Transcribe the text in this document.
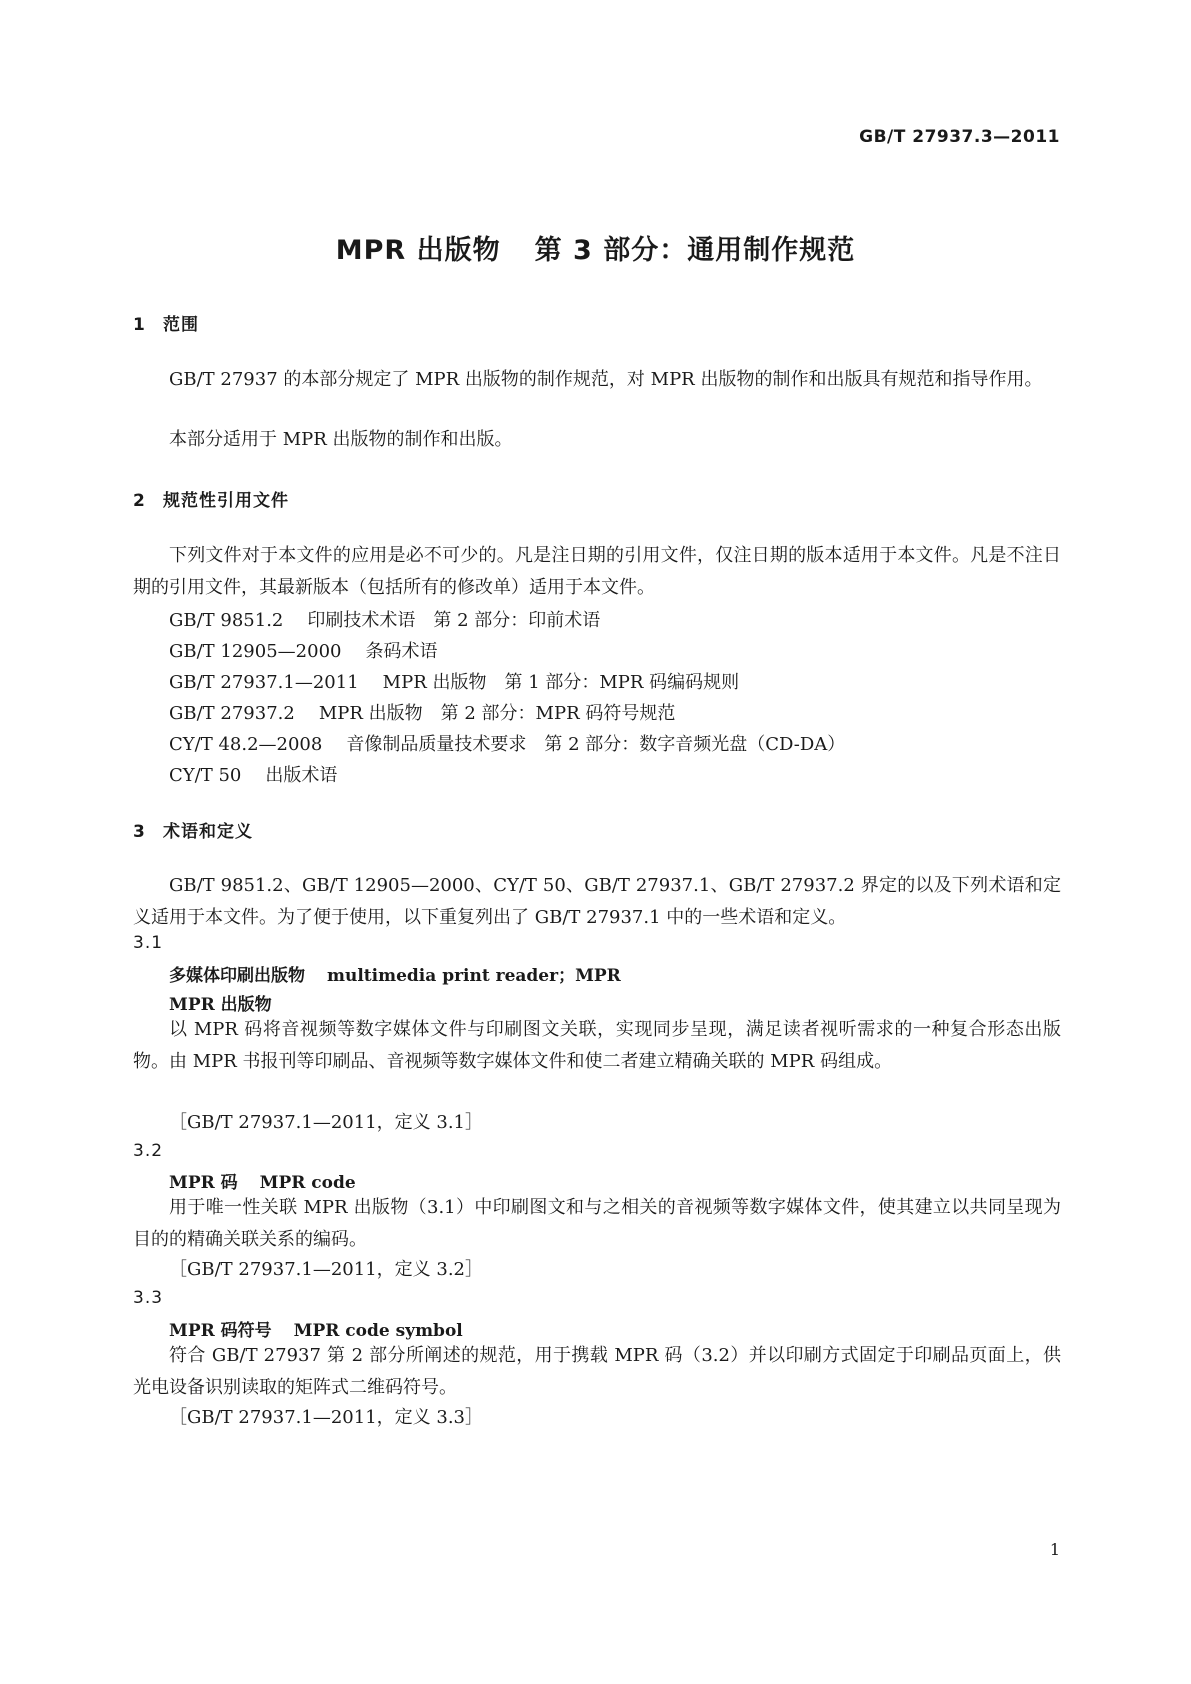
GB/T 27937.3—2011
MPR 出版物 第 3 部分：通用制作规范
1 范围
GB/T 27937 的本部分规定了 MPR 出版物的制作规范，对 MPR 出版物的制作和出版具有规范和指导作用。
本部分适用于 MPR 出版物的制作和出版。
2 规范性引用文件
下列文件对于本文件的应用是必不可少的。凡是注日期的引用文件，仅注日期的版本适用于本文件。凡是不注日期的引用文件，其最新版本（包括所有的修改单）适用于本文件。
GB/T 9851.2 印刷技术术语　第 2 部分：印前术语
GB/T 12905—2000 条码术语
GB/T 27937.1—2011 MPR 出版物　第 1 部分：MPR 码编码规则
GB/T 27937.2 MPR 出版物　第 2 部分：MPR 码符号规范
CY/T 48.2—2008 音像制品质量技术要求　第 2 部分：数字音频光盘（CD-DA）
CY/T 50 出版术语
3 术语和定义
GB/T 9851.2、GB/T 12905—2000、CY/T 50、GB/T 27937.1、GB/T 27937.2 界定的以及下列术语和定义适用于本文件。为了便于使用，以下重复列出了 GB/T 27937.1 中的一些术语和定义。
3.1
多媒体印刷出版物 multimedia print reader；MPR
MPR 出版物
以 MPR 码将音视频等数字媒体文件与印刷图文关联，实现同步呈现，满足读者视听需求的一种复合形态出版物。由 MPR 书报刊等印刷品、音视频等数字媒体文件和使二者建立精确关联的 MPR 码组成。
［GB/T 27937.1—2011，定义 3.1］
3.2
MPR 码 MPR code
用于唯一性关联 MPR 出版物（3.1）中印刷图文和与之相关的音视频等数字媒体文件，使其建立以共同呈现为目的的精确关联关系的编码。
［GB/T 27937.1—2011，定义 3.2］
3.3
MPR 码符号 MPR code symbol
符合 GB/T 27937 第 2 部分所阐述的规范，用于携载 MPR 码（3.2）并以印刷方式固定于印刷品页面上，供光电设备识别读取的矩阵式二维码符号。
［GB/T 27937.1—2011，定义 3.3］
1
